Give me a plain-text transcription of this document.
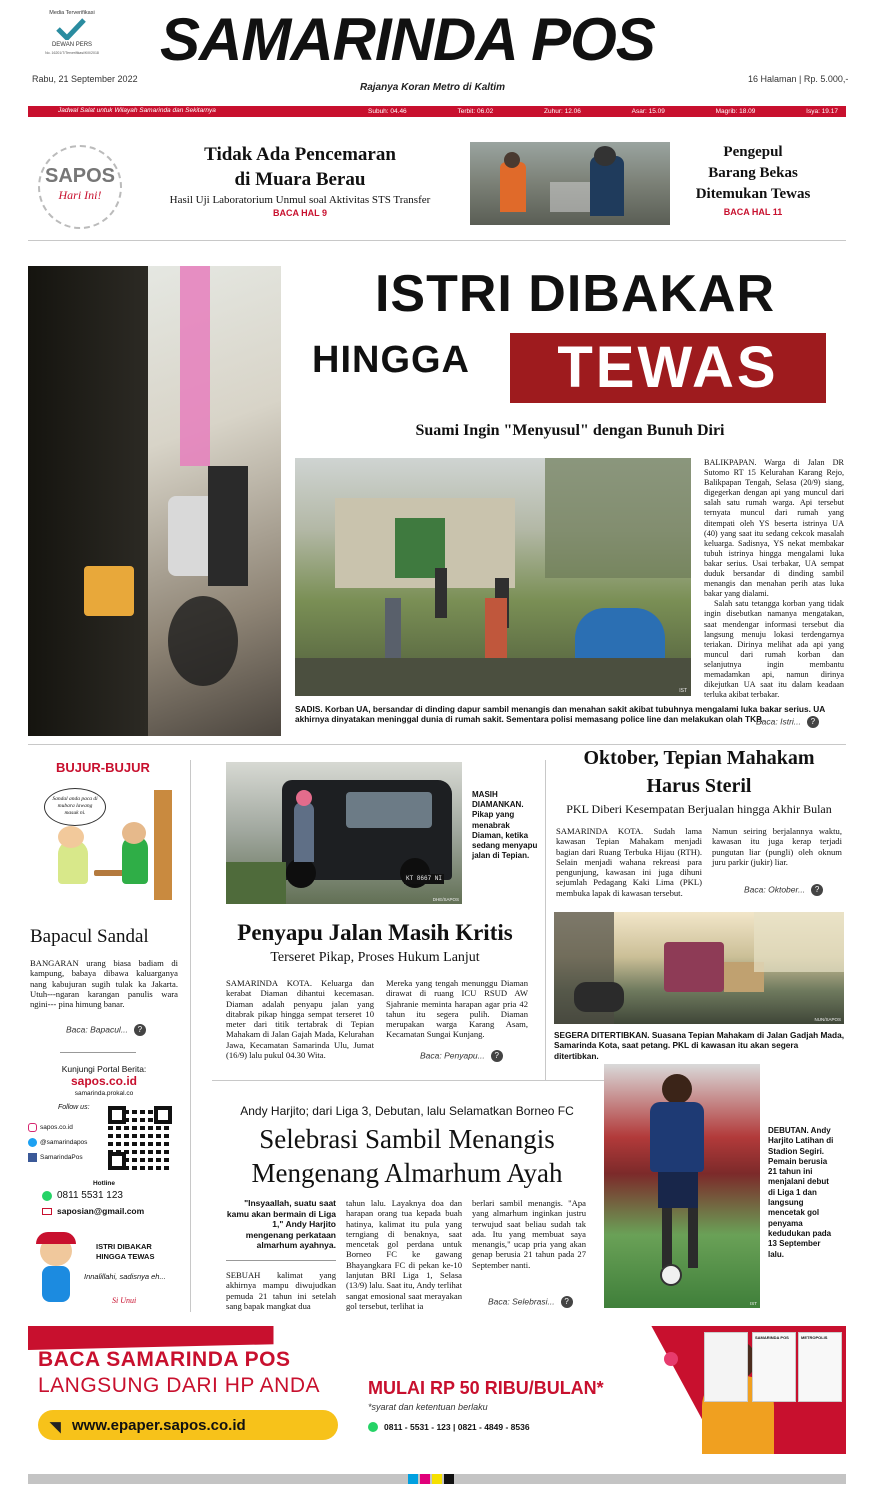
Media Terverifikasi
DEWAN PERS
No. 16201/T/Terverifikasi/K/II/2018 SAMARINDA POS
Rabu, 21 September 2022
Rajanya Koran Metro di Kaltim
16 Halaman | Rp. 5.000,-
Jadwal Salat untuk Wilayah Samarinda dan Sekitarnya	Subuh: 04.46	Terbit: 06.02	Zuhur: 12.06	Asar: 15.09	Magrib: 18.09	Isya: 19.17
SAPOS
Hari Ini!
Tidak Ada Pencemaran
di Muara Berau
Hasil Uji Laboratorium Unmul soal Aktivitas STS Transfer
BACA HAL 9
Pengepul
Barang Bekas
Ditemukan Tewas
BACA HAL 11
ISTRI DIBAKAR
HINGGA	TEWAS
Suami Ingin "Menyusul" dengan Bunuh Diri
IST

BALIKPAPAN. Warga di Jalan DR Sutomo RT 15 Kelurahan Karang Rejo, Balikpapan Tengah, Selasa (20/9) siang, digegerkan dengan api yang muncul dari salah satu rumah warga. Api tersebut ternyata muncul dari rumah yang ditempati oleh YS beserta istrinya UA (40) yang saat itu sedang cekcok masalah keluarga. Sadisnya, YS nekat membakar tubuh istrinya hingga mengalami luka bakar serius. Usai terbakar, UA sempat duduk bersandar di dinding sambil menangis dan menahan perih atas luka bakar yang dialami.

Salah satu tetangga korban yang tidak ingin disebutkan namanya mengatakan, saat mendengar informasi tersebut dia langsung menuju lokasi terdengarnya teriakan. Dirinya melihat ada api yang muncul dari rumah korban dan selanjutnya ingin membantu memadamkan api, namun dirinya dikejutkan UA saat itu dalam keadaan terluka akibat terbakar.

Baca: Istri... ?
SADIS. Korban UA, bersandar di dinding dapur sambil menangis dan menahan sakit akibat tubuhnya mengalami luka bakar serius. UA akhirnya dinyatakan meninggal dunia di rumah sakit. Sementara polisi memasang police line dan melakukan olah TKP.
BUJUR-BUJUR
Sandal anda paca di mubara lawang masuk ni.
Bapacul Sandal
BANGARAN urang biasa badiam di kampung, babaya dibawa kaluarganya nang kabujuran sugih tulak ka Jakarta. Utuh---ngaran karangan panulis wara ngini--- pina himung banar.
Baca: Bapacul... ?
Kunjungi Portal Berita:
sapos.co.id
samarinda.prokal.co
Follow us:
sapos.co.id
@samarindapos
SamarindaPos
Hotline
0811 5531 123
saposian@gmail.com
ISTRI DIBAKAR
HINGGA TEWAS
Innalillahi, sadisnya eh...
Si Unui
KT 8667 NI
DHE/SAPOS
MASIH DIAMANKAN. Pikap yang menabrak Diaman, ketika sedang menyapu jalan di Tepian.
Penyapu Jalan Masih Kritis
Terseret Pikap, Proses Hukum Lanjut
SAMARINDA KOTA. Keluarga dan kerabat Diaman dihantui kecemasan. Diaman adalah penyapu jalan yang ditabrak pikap hingga sempat terseret 10 meter dari titik tertabrak di Tepian Mahakam di Jalan Gajah Mada, Kelurahan Jawa, Kecamatan Samarinda Ulu, Jumat (16/9) lalu pukul 04.30 Wita.
Mereka yang tengah menunggu Diaman dirawat di ruang ICU RSUD AW Sjahranie meminta harapan agar pria 42 tahun itu segera pulih. Diaman merupakan warga Karang Asam, Kecamatan Sungai Kunjang.
Baca: Penyapu... ?
Oktober, Tepian Mahakam
Harus Steril
PKL Diberi Kesempatan Berjualan hingga Akhir Bulan
SAMARINDA KOTA. Sudah lama kawasan Tepian Mahakam menjadi bagian dari Ruang Terbuka Hijau (RTH). Selain menjadi wahana rekreasi para pengunjung, kawasan ini juga dihuni sejumlah Pedagang Kaki Lima (PKL) membuka lapak di kawasan tersebut.
Namun seiring berjalannya waktu, kawasan itu juga kerap terjadi pungutan liar (pungli) oleh oknum juru parkir (jukir) liar.
Baca: Oktober... ?
NUN/SAPOS
SEGERA DITERTIBKAN. Suasana Tepian Mahakam di Jalan Gadjah Mada, Samarinda Kota, saat petang. PKL di kawasan itu akan segera ditertibkan.
Andy Harjito; dari Liga 3, Debutan, lalu Selamatkan Borneo FC
Selebrasi Sambil Menangis
Mengenang Almarhum Ayah
"Insyaallah, suatu saat kamu akan bermain di Liga 1," Andy Harjito mengenang perkataan almarhum ayahnya.
SEBUAH kalimat yang akhirnya mampu diwujudkan pemuda 21 tahun ini setelah sang bapak mangkat dua
tahun lalu. Layaknya doa dan harapan orang tua kepada buah hatinya, kalimat itu pula yang terngiang di benaknya, saat mencetak gol perdana untuk Borneo FC ke gawang Bhayangkara FC di pekan ke-10 lanjutan BRI Liga 1, Selasa (13/9) lalu. Saat itu, Andy terlihat sangat emosional saat merayakan gol tersebut, terlihat ia
berlari sambil menangis. "Apa yang almarhum inginkan justru terwujud saat beliau sudah tak ada. Itu yang membuat saya menangis," ucap pria yang akan genap berusia 21 tahun pada 27 September nanti.
Baca: Selebrasi... ?	IST
DEBUTAN. Andy Harjito Latihan di Stadion Segiri. Pemain berusia 21 tahun ini menjalani debut di Liga 1 dan langsung mencetak gol penyama kedudukan pada 13 September lalu.
BACA SAMARINDA POS
LANGSUNG DARI HP ANDA
www.epaper.sapos.co.id
MULAI RP 50 RIBU/BULAN*
*syarat dan ketentuan berlaku
0811 - 5531 - 123 | 0821 - 4849 - 8536
SAMARINDA POS	METROPOLIS
